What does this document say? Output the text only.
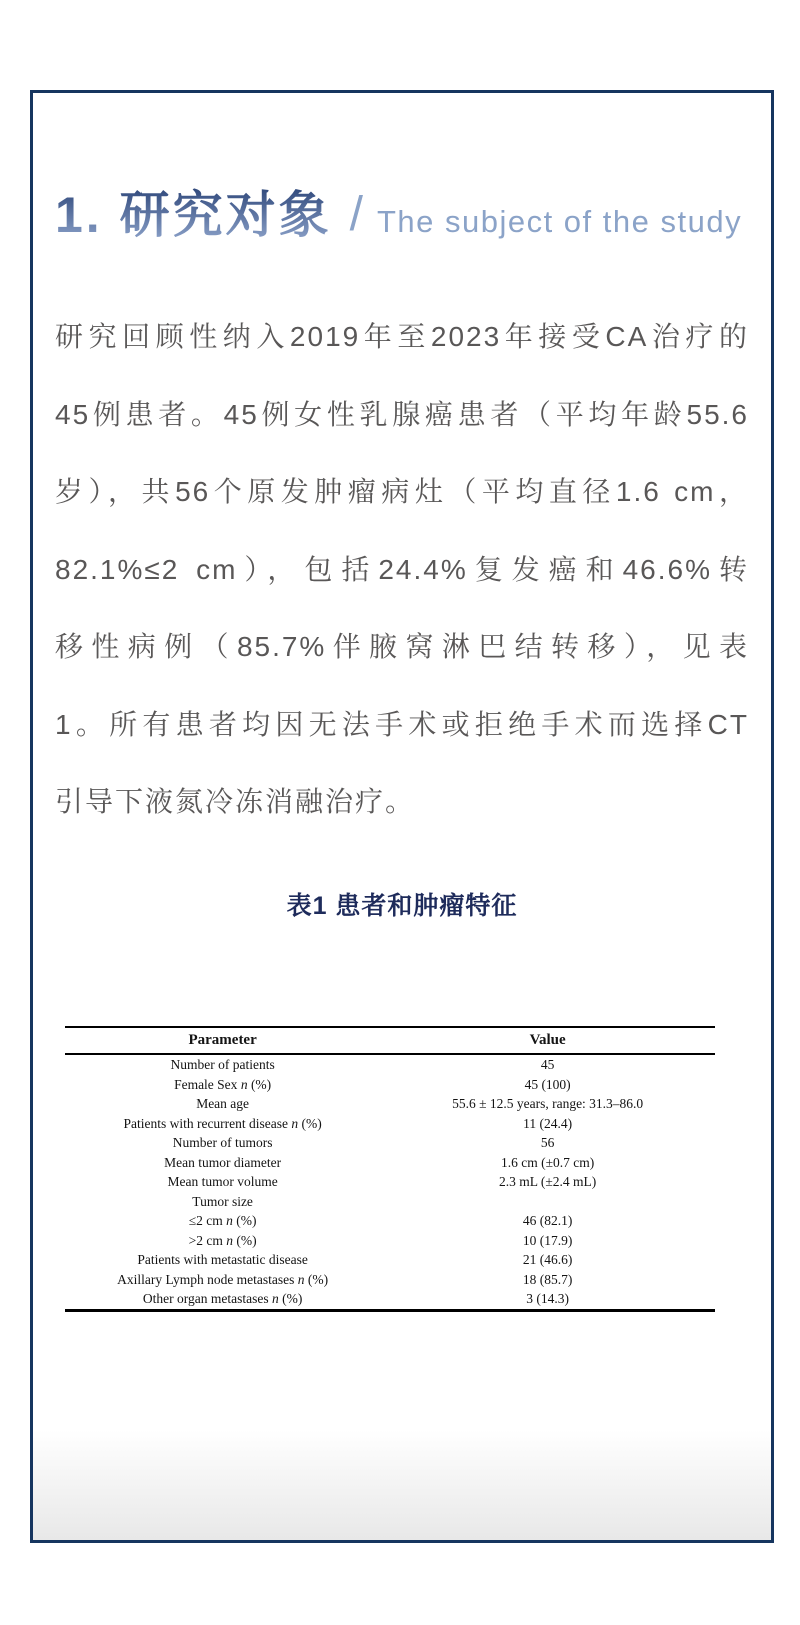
1. 研究对象 / The subject of the study
研究回顾性纳入2019年至2023年接受CA治疗的
45例患者。45例女性乳腺癌患者（平均年龄55.6
岁），共56个原发肿瘤病灶（平均直径1.6 cm，
82.1%≤2 cm），包括24.4%复发癌和46.6%转
移性病例（85.7%伴腋窝淋巴结转移），见表
1。所有患者均因无法手术或拒绝手术而选择CT
引导下液氮冷冻消融治疗。
表1 患者和肿瘤特征
Parameter	Value
Number of patients	45
Female Sex n (%)	45 (100)
Mean age	55.6 ± 12.5 years, range: 31.3–86.0
Patients with recurrent disease n (%)	11 (24.4)
Number of tumors	56
Mean tumor diameter	1.6 cm (±0.7 cm)
Mean tumor volume	2.3 mL (±2.4 mL)
Tumor size	
≤2 cm n (%)	46 (82.1)
>2 cm n (%)	10 (17.9)
Patients with metastatic disease	21 (46.6)
Axillary Lymph node metastases n (%)	18 (85.7)
Other organ metastases n (%)	3 (14.3)
